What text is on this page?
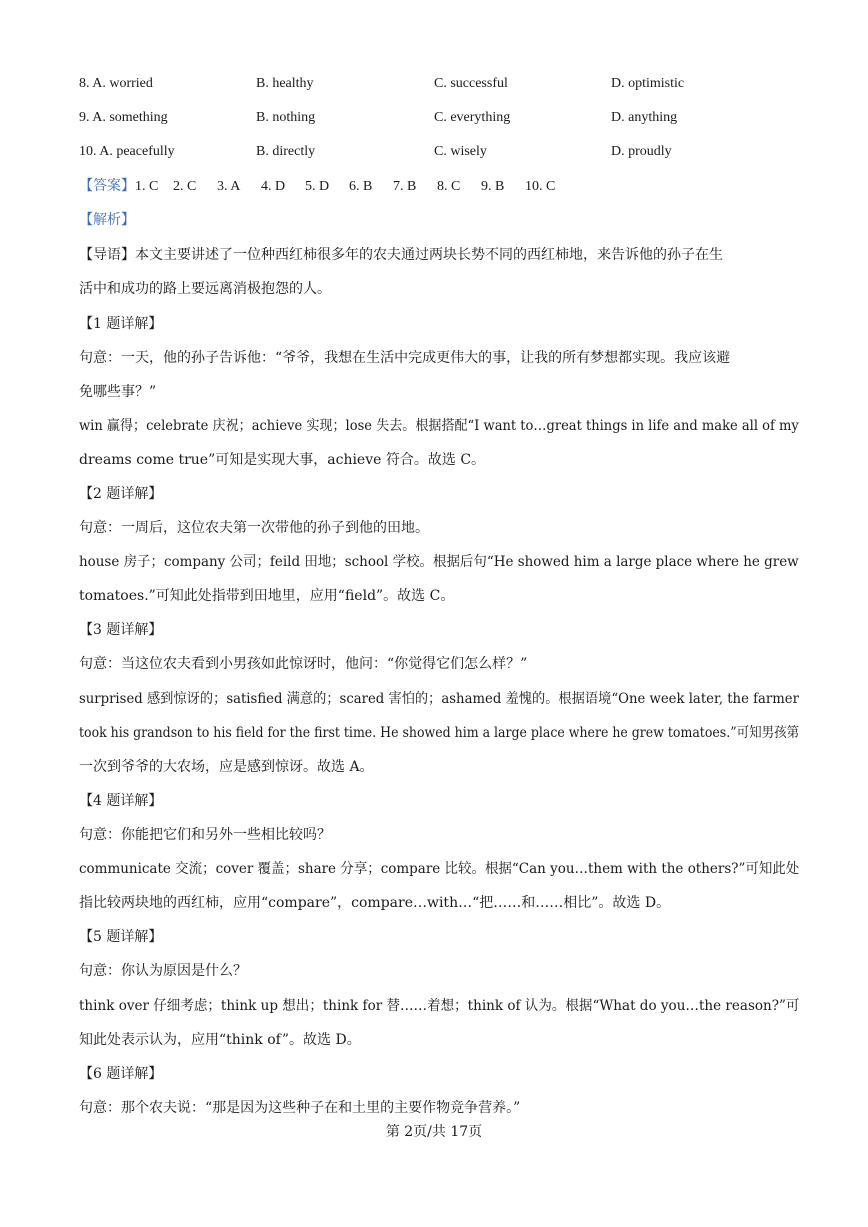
8. A. worried	B. healthy	C. successful	D. optimistic
9. A. something	B. nothing	C. everything	D. anything
10. A. peacefully	B. directly	C. wisely	D. proudly
【答案】1. C 2. C 3. A 4. D 5. D 6. B 7. B 8. C 9. B 10. C
【解析】
【导语】本文主要讲述了一位种西红柿很多年的农夫通过两块长势不同的西红柿地，来告诉他的孙子在生
活中和成功的路上要远离消极抱怨的人。
【1 题详解】
句意：一天，他的孙子告诉他：“爷爷，我想在生活中完成更伟大的事，让我的所有梦想都实现。我应该避
免哪些事？”
win 赢得；celebrate 庆祝；achieve 实现；lose 失去。根据搭配“I want to…great things in life and make all of my
dreams come true”可知是实现大事，achieve 符合。故选 C。
【2 题详解】
句意：一周后，这位农夫第一次带他的孙子到他的田地。
house 房子；company 公司；feild 田地；school 学校。根据后句“He showed him a large place where he grew
tomatoes.”可知此处指带到田地里，应用“field”。故选 C。
【3 题详解】
句意：当这位农夫看到小男孩如此惊讶时，他问：“你觉得它们怎么样？”
surprised 感到惊讶的；satisfied 满意的；scared 害怕的；ashamed 羞愧的。根据语境“One week later, the farmer
took his grandson to his field for the first time. He showed him a large place where he grew tomatoes.”可知男孩第
一次到爷爷的大农场，应是感到惊讶。故选 A。
【4 题详解】
句意：你能把它们和另外一些相比较吗？
communicate 交流；cover 覆盖；share 分享；compare 比较。根据“Can you…them with the others?”可知此处
指比较两块地的西红柿，应用“compare”，compare…with…“把……和……相比”。故选 D。
【5 题详解】
句意：你认为原因是什么？
think over 仔细考虑；think up 想出；think for 替……着想；think of 认为。根据“What do you…the reason?”可
知此处表示认为，应用“think of”。故选 D。
【6 题详解】
句意：那个农夫说：“那是因为这些种子在和土里的主要作物竞争营养。”
第 2页/共 17页
